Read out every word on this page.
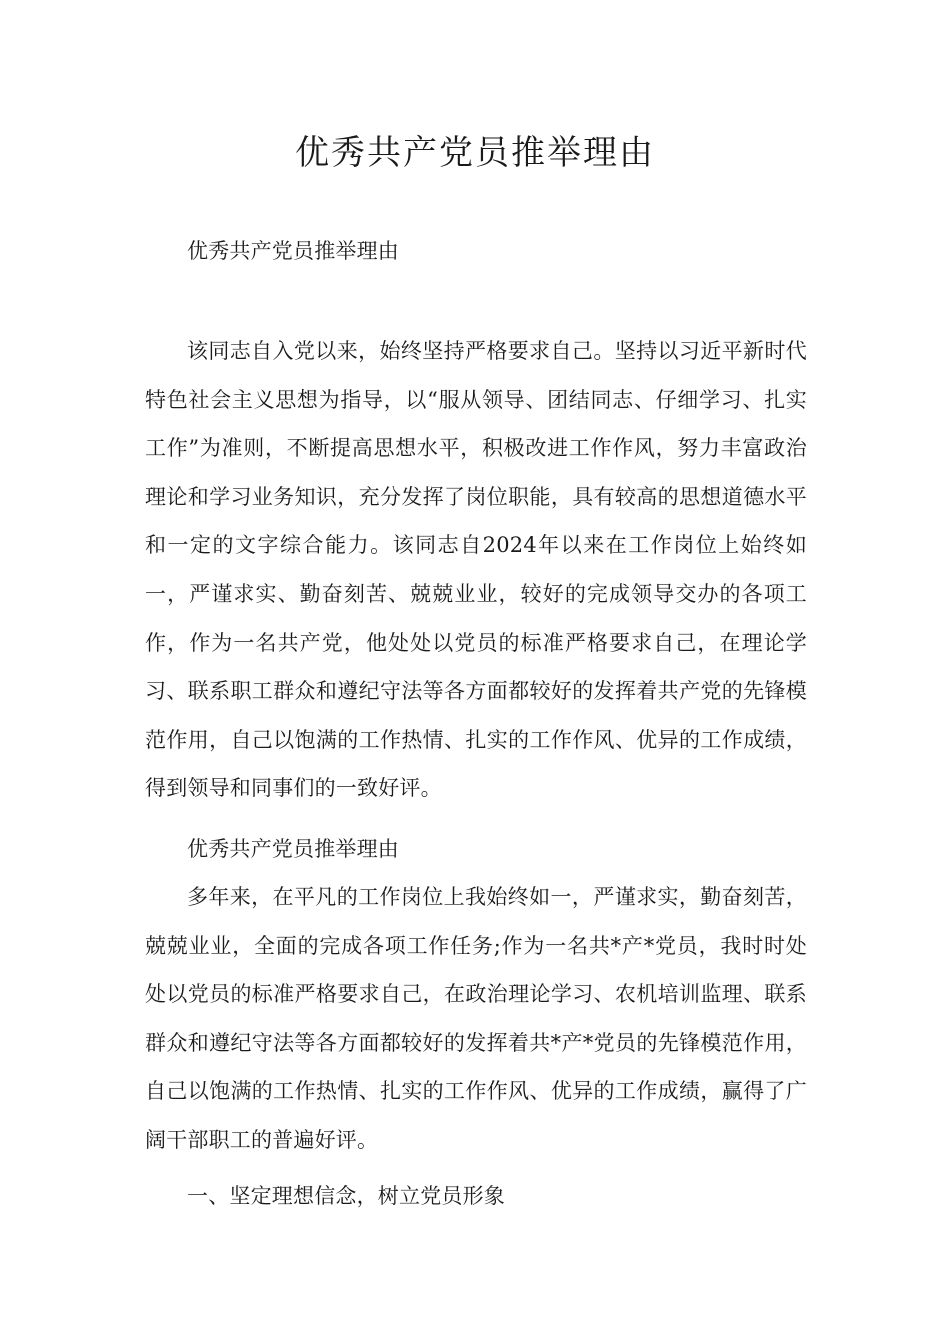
优秀共产党员推举理由

优秀共产党员推举理由

该同志自入党以来，始终坚持严格要求自己。坚持以习近平新时代特色社会主义思想为指导，以“服从领导、团结同志、仔细学习、扎实工作”为准则，不断提高思想水平，积极改进工作作风，努力丰富政治理论和学习业务知识，充分发挥了岗位职能，具有较高的思想道德水平和一定的文字综合能力。该同志自2024年以来在工作岗位上始终如一，严谨求实、勤奋刻苦、兢兢业业，较好的完成领导交办的各项工作，作为一名共产党，他处处以党员的标准严格要求自己，在理论学习、联系职工群众和遵纪守法等各方面都较好的发挥着共产党的先锋模范作用，自己以饱满的工作热情、扎实的工作作风、优异的工作成绩，得到领导和同事们的一致好评。

优秀共产党员推举理由

多年来，在平凡的工作岗位上我始终如一，严谨求实，勤奋刻苦，兢兢业业，全面的完成各项工作任务;作为一名共*产*党员，我时时处处以党员的标准严格要求自己，在政治理论学习、农机培训监理、联系群众和遵纪守法等各方面都较好的发挥着共*产*党员的先锋模范作用，自己以饱满的工作热情、扎实的工作作风、优异的工作成绩，赢得了广阔干部职工的普遍好评。

一、坚定理想信念，树立党员形象
